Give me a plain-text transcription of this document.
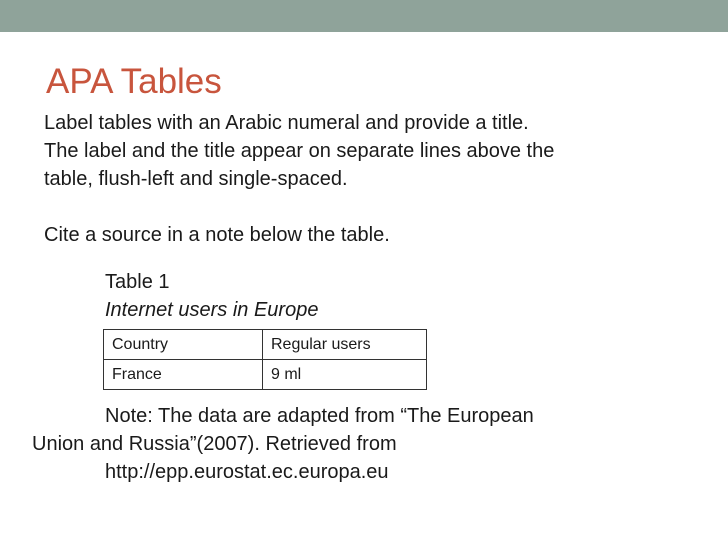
APA Tables

Label tables with an Arabic numeral and provide a title.

The label and the title appear on separate lines above the

table, flush-left and single-spaced.

Cite a source in a note below the table.

Table 1
Internet users in Europe
Country	Regular users
France	9 ml
Note: The data are adapted from “The European
Union and Russia”(2007). Retrieved from
http://epp.eurostat.ec.europa.eu
